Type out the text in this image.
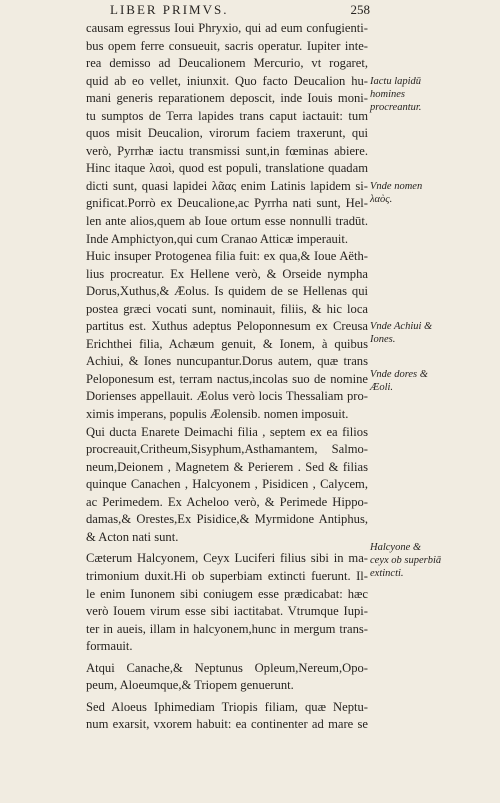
LIBER PRIMVS.	258
causam egressus Ioui Phryxio, qui ad eum confugienti-
bus opem ferre consueuit, sacris operatur. Iupiter inte-
rea demisso ad Deucalionem Mercurio, vt rogaret,
quid ab eo vellet, iniunxit. Quo facto Deucalion hu-
mani generis reparationem deposcit, inde Iouis moni-
tu sumptos de Terra lapides trans caput iactauit: tum
quos misit Deucalion, virorum faciem traxerunt, qui
verò, Pyrrhæ iactu transmissi sunt,in fœminas abiere.
Hinc itaque λαοὶ, quod est populi, translatione quadam
dicti sunt, quasi lapidei λᾶας enim Latinis lapidem si-
gnificat.Porrò ex Deucalione,ac Pyrrha nati sunt, Hel-
len ante alios,quem ab Ioue ortum esse nonnulli tradūt.
Inde Amphictyon,qui cum Cranao Atticæ imperauit.
Huic insuper Protogenea filia fuit: ex qua,& Ioue Aëth-
lius procreatur. Ex Hellene verò, & Orseide nympha
Dorus,Xuthus,& Æolus. Is quidem de se Hellenas qui
postea græci vocati sunt, nominauit, filiis, & hic loca
partitus est. Xuthus adeptus Peloponnesum ex Creusa
Erichthei filia, Achæum genuit, & Ionem, à quibus
Achiui, & Iones nuncupantur.Dorus autem, quæ trans
Peloponesum est, terram nactus,incolas suo de nomine
Dorienses appellauit. Æolus verò locis Thessaliam pro-
ximis imperans, populis Æolensib. nomen imposuit.
Qui ducta Enarete Deimachi filia , septem ex ea filios
procreauit,Critheum,Sisyphum,Asthamantem, Salmo-
neum,Deionem , Magnetem & Perierem . Sed & filias
quinque Canachen , Halcyonem , Pisidicen , Calycem,
ac Perimedem. Ex Acheloo verò, & Perimede Hippo-
damas,& Orestes,Ex Pisidice,& Myrmidone Antiphus,
& Acton nati sunt.
Cæterum Halcyonem, Ceyx Luciferi filius sibi in ma-
trimonium duxit.Hi ob superbiam extincti fuerunt. Il-
le enim Iunonem sibi coniugem esse prædicabat: hæc
verò Iouem virum esse sibi iactitabat. Vtrumque Iupi-
ter in aueis, illam in halcyonem,hunc in mergum trans-
formauit.
Atqui Canache,& Neptunus Opleum,Nereum,Opo-
peum, Aloeumque,& Triopem genuerunt.
Sed Aloeus Iphimediam Triopis filiam, quæ Neptu-
num exarsit, vxorem habuit: ea continenter ad mare se
Iactu lapidū homines procreantur.
Vnde nomen λαὸς.
Vnde Achiui & Iones.
Vnde dores & Æoli.
Halcyone & ceyx ob superbiā extincti.
